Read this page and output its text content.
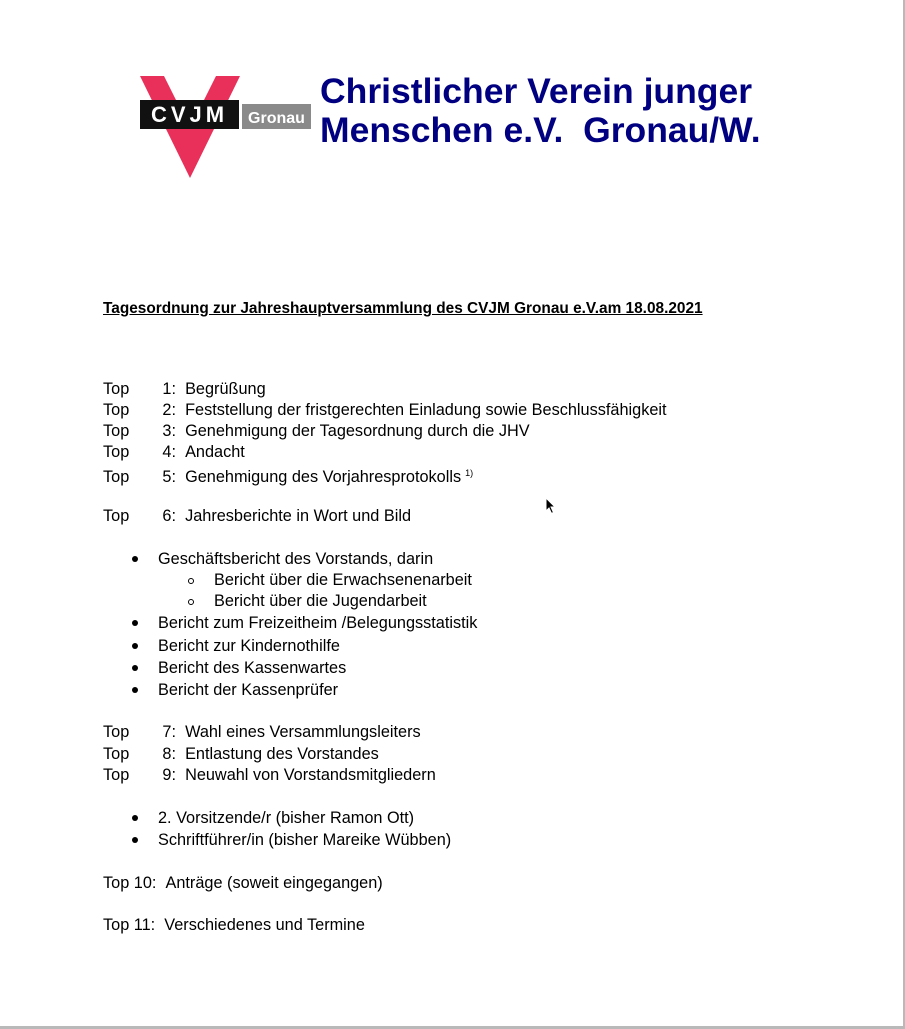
CVJM Gronau
Christlicher Verein junger
Menschen e.V.  Gronau/W.
Tagesordnung zur Jahreshauptversammlung des CVJM Gronau e.V.am 18.08.2021
Top 1: Begrüßung
Top 2: Feststellung der fristgerechten Einladung sowie Beschlussfähigkeit
Top 3: Genehmigung der Tagesordnung durch die JHV
Top 4: Andacht
Top 5: Genehmigung des Vorjahresprotokolls $^{1)}$
Top 6: Jahresberichte in Wort und Bild
Geschäftsbericht des Vorstands, darin
Bericht über die Erwachsenenarbeit
Bericht über die Jugendarbeit
Bericht zum Freizeitheim /Belegungsstatistik
Bericht zur Kindernothilfe
Bericht des Kassenwartes
Bericht der Kassenprüfer
Top 7: Wahl eines Versammlungsleiters
Top 8: Entlastung des Vorstandes
Top 9: Neuwahl von Vorstandsmitgliedern
2. Vorsitzende/r (bisher Ramon Ott)
Schriftführer/in (bisher Mareike Wübben)
Top 10: Anträge (soweit eingegangen)
Top 11: Verschiedenes und Termine
